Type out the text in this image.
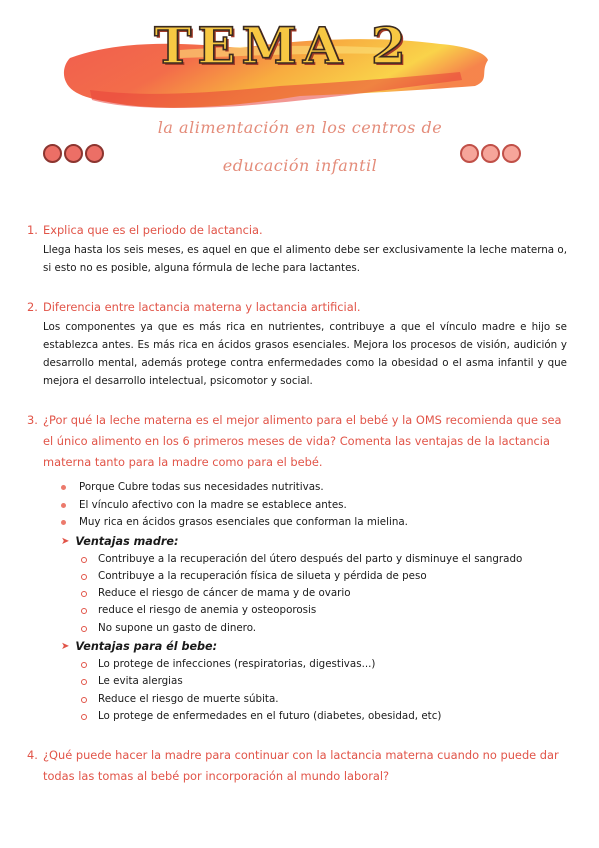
TEMA 2
la alimentación en los centros de
educación infantil
1. Explica que es el periodo de lactancia.
Llega hasta los seis meses, es aquel en que el alimento debe ser exclusivamente la leche materna o, si esto no es posible, alguna fórmula de leche para lactantes.
2. Diferencia entre lactancia materna y lactancia artificial.
Los componentes ya que es más rica en nutrientes, contribuye a que el vínculo madre e hijo se establezca antes. Es más rica en ácidos grasos esenciales. Mejora los procesos de visión, audición y desarrollo mental, además protege contra enfermedades como la obesidad o el asma infantil y que mejora el desarrollo intelectual, psicomotor y social.
3. ¿Por qué la leche materna es el mejor alimento para el bebé y la OMS recomienda que sea el único alimento en los 6 primeros meses de vida? Comenta las ventajas de la lactancia materna tanto para la madre como para el bebé.
Porque Cubre todas sus necesidades nutritivas.
El vínculo afectivo con la madre se establece antes.
Muy rica en ácidos grasos esenciales que conforman la mielina.
➤ Ventajas madre:
Contribuye a la recuperación del útero después del parto y disminuye el sangrado
Contribuye a la recuperación física de silueta y pérdida de peso
Reduce el riesgo de cáncer de mama y de ovario
reduce el riesgo de anemia y osteoporosis
No supone un gasto de dinero.
➤ Ventajas para él bebe:
Lo protege de infecciones (respiratorias, digestivas...)
Le evita alergias
Reduce el riesgo de muerte súbita.
Lo protege de enfermedades en el futuro (diabetes, obesidad, etc)
4. ¿Qué puede hacer la madre para continuar con la lactancia materna cuando no puede dar todas las tomas al bebé por incorporación al mundo laboral?
